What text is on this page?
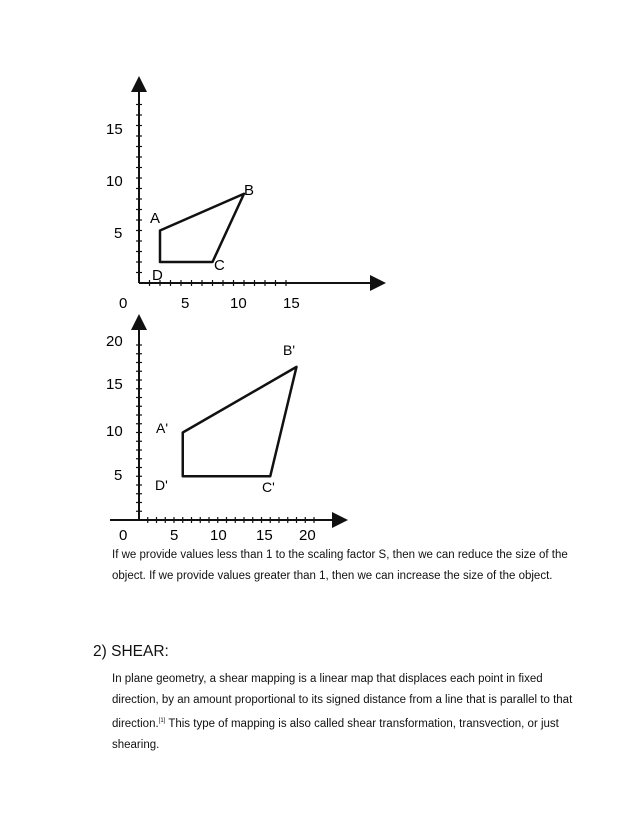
15
10
5
0	5	10 15
A
B
C
D
20
15
10
5
0	5 10 15 20
A'
B'
C'
D'

If we provide values less than 1 to the scaling factor S, then we can reduce the size of the object. If we provide values greater than 1, then we can increase the size of the object.

2) SHEAR:

In plane geometry, a shear mapping is a linear map that displaces each point in fixed direction, by an amount proportional to its signed distance from a line that is parallel to that direction.[1] This type of mapping is also called shear transformation, transvection, or just shearing.
